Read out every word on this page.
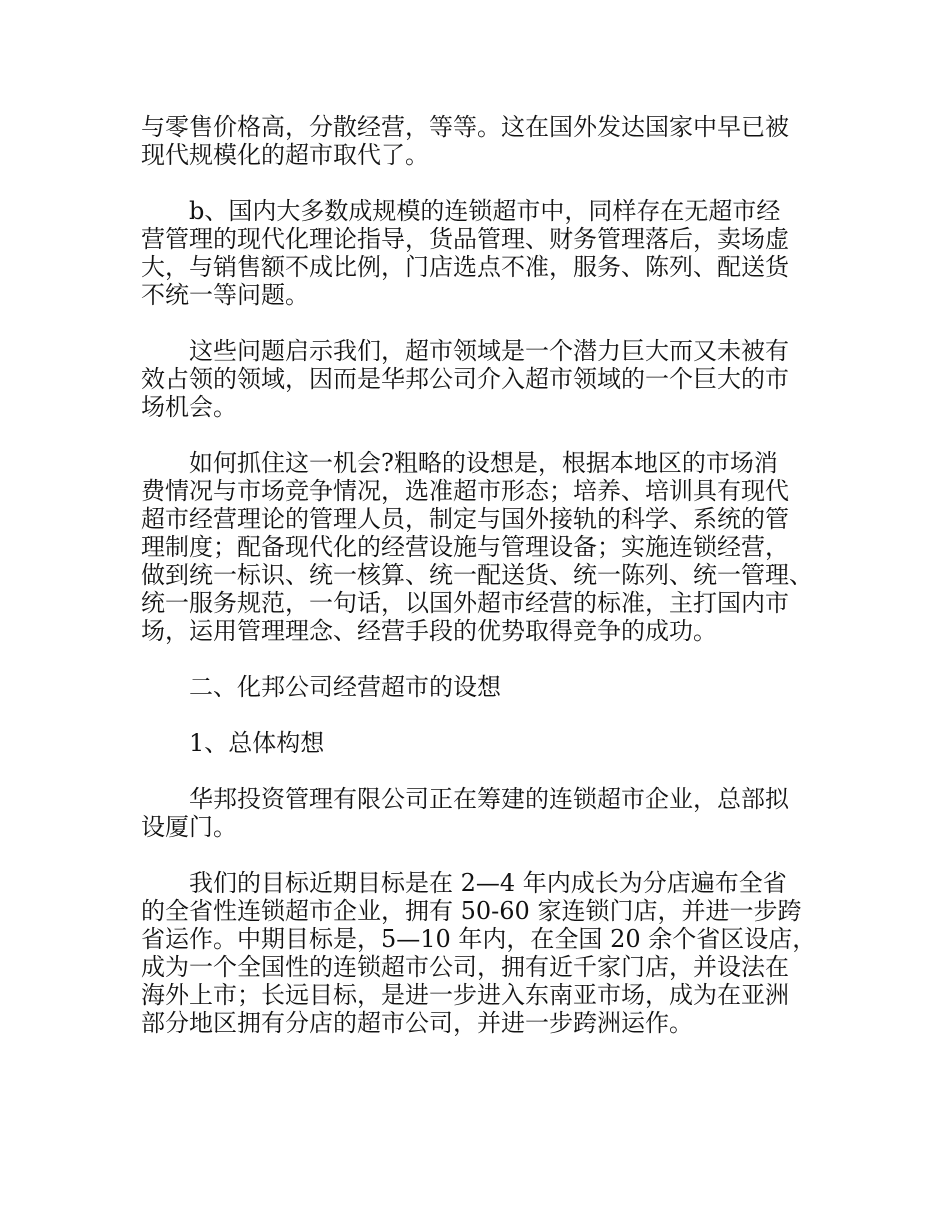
与零售价格高，分散经营，等等。这在国外发达国家中早已被
现代规模化的超市取代了。
b、国内大多数成规模的连锁超市中，同样存在无超市经
营管理的现代化理论指导，货品管理、财务管理落后，卖场虚
大，与销售额不成比例，门店选点不准，服务、陈列、配送货
不统一等问题。
这些问题启示我们，超市领域是一个潜力巨大而又未被有
效占领的领域，因而是华邦公司介入超市领域的一个巨大的市
场机会。
如何抓住这一机会?粗略的设想是，根据本地区的市场消
费情况与市场竞争情况，选准超市形态；培养、培训具有现代
超市经营理论的管理人员，制定与国外接轨的科学、系统的管
理制度；配备现代化的经营设施与管理设备；实施连锁经营，
做到统一标识、统一核算、统一配送货、统一陈列、统一管理、
统一服务规范，一句话，以国外超市经营的标准，主打国内市
场，运用管理理念、经营手段的优势取得竞争的成功。
二、化邦公司经营超市的设想
1、总体构想
华邦投资管理有限公司正在筹建的连锁超市企业，总部拟
设厦门。
我们的目标近期目标是在 2—4 年内成长为分店遍布全省
的全省性连锁超市企业，拥有 50-60 家连锁门店，并进一步跨
省运作。中期目标是，5—10 年内，在全国 20 余个省区设店，
成为一个全国性的连锁超市公司，拥有近千家门店，并设法在
海外上市；长远目标，是进一步进入东南亚市场，成为在亚洲
部分地区拥有分店的超市公司，并进一步跨洲运作。
